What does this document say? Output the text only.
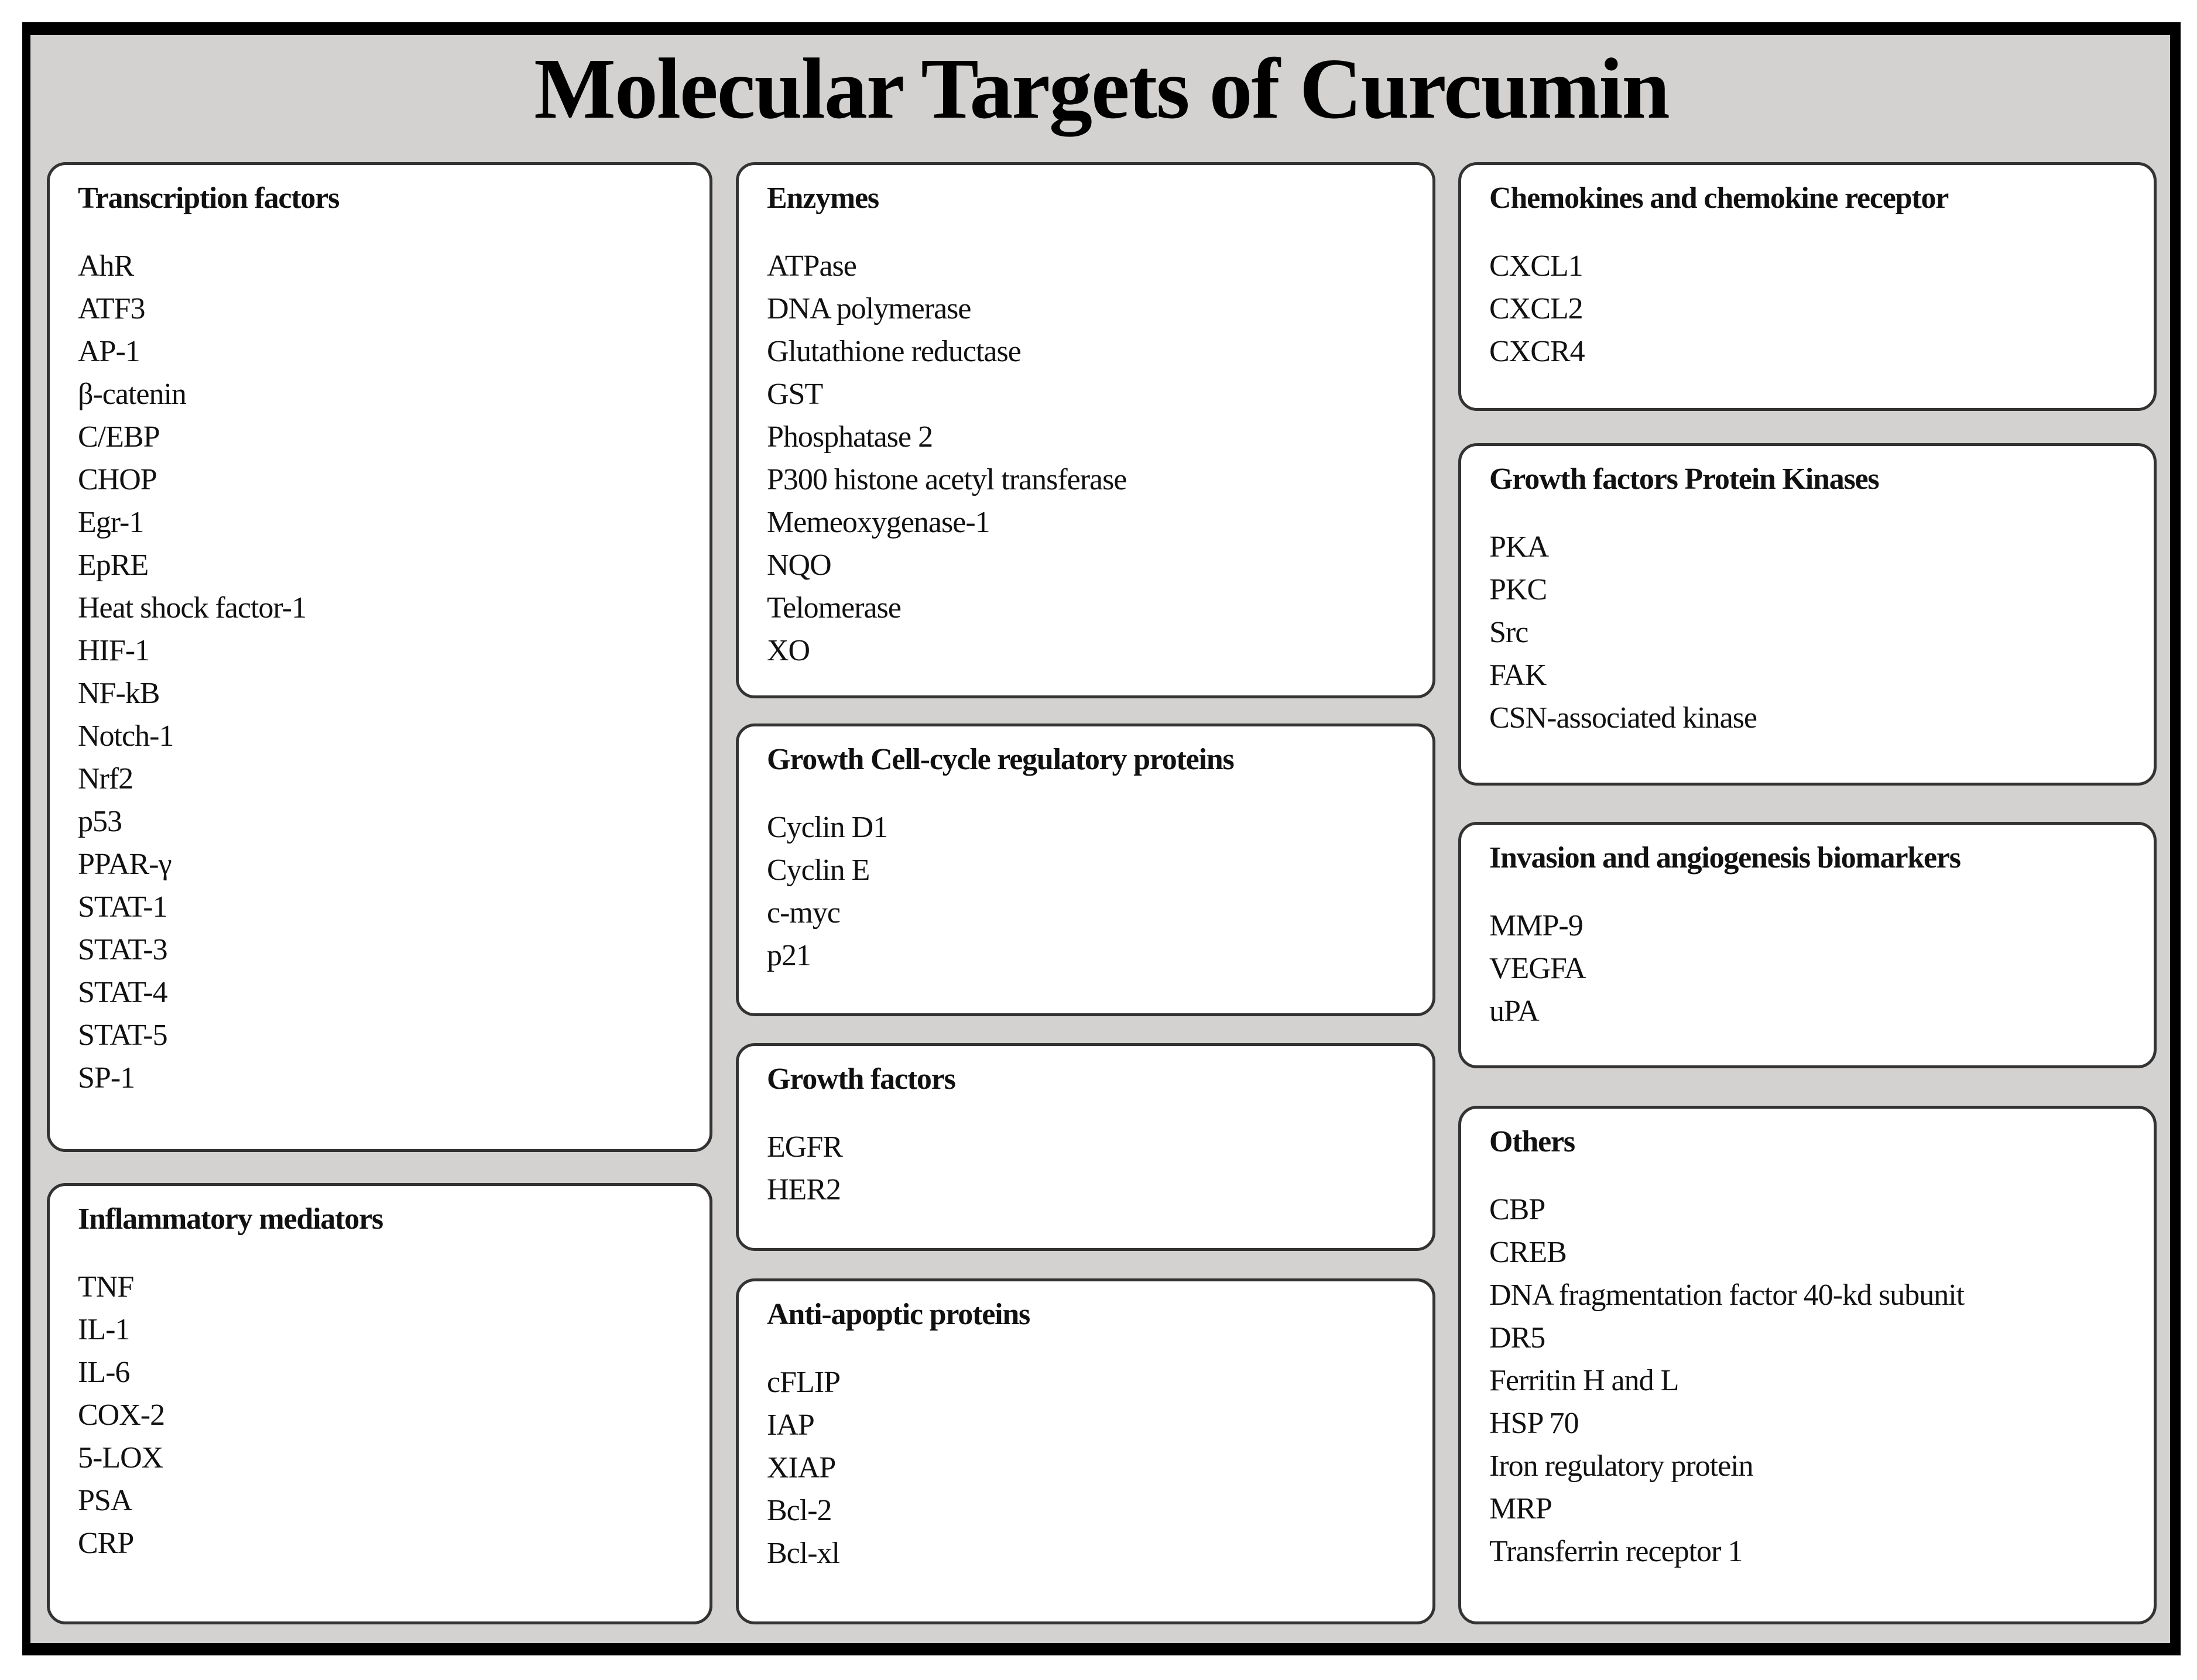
Molecular Targets of Curcumin
Transcription factors
AhR
ATF3
AP-1
β-catenin
C/EBP
CHOP
Egr-1
EpRE
Heat shock factor-1
HIF-1
NF-kB
Notch-1
Nrf2
p53
PPAR-γ
STAT-1
STAT-3
STAT-4
STAT-5
SP-1
Inflammatory mediators
TNF
IL-1
IL-6
COX-2
5-LOX
PSA
CRP
Enzymes
ATPase
DNA polymerase
Glutathione reductase
GST
Phosphatase 2
P300 histone acetyl transferase
Memeoxygenase-1
NQO
Telomerase
XO
Growth Cell-cycle regulatory proteins
Cyclin D1
Cyclin E
c-myc
p21
Growth factors
EGFR
HER2
Anti-apoptic proteins
cFLIP
IAP
XIAP
Bcl-2
Bcl-xl
Chemokines and chemokine receptor
CXCL1
CXCL2
CXCR4
Growth factors Protein Kinases
PKA
PKC
Src
FAK
CSN-associated kinase
Invasion and angiogenesis biomarkers
MMP-9
VEGFA
uPA
Others
CBP
CREB
DNA fragmentation factor 40-kd subunit
DR5
Ferritin H and L
HSP 70
Iron regulatory protein
MRP
Transferrin receptor 1
